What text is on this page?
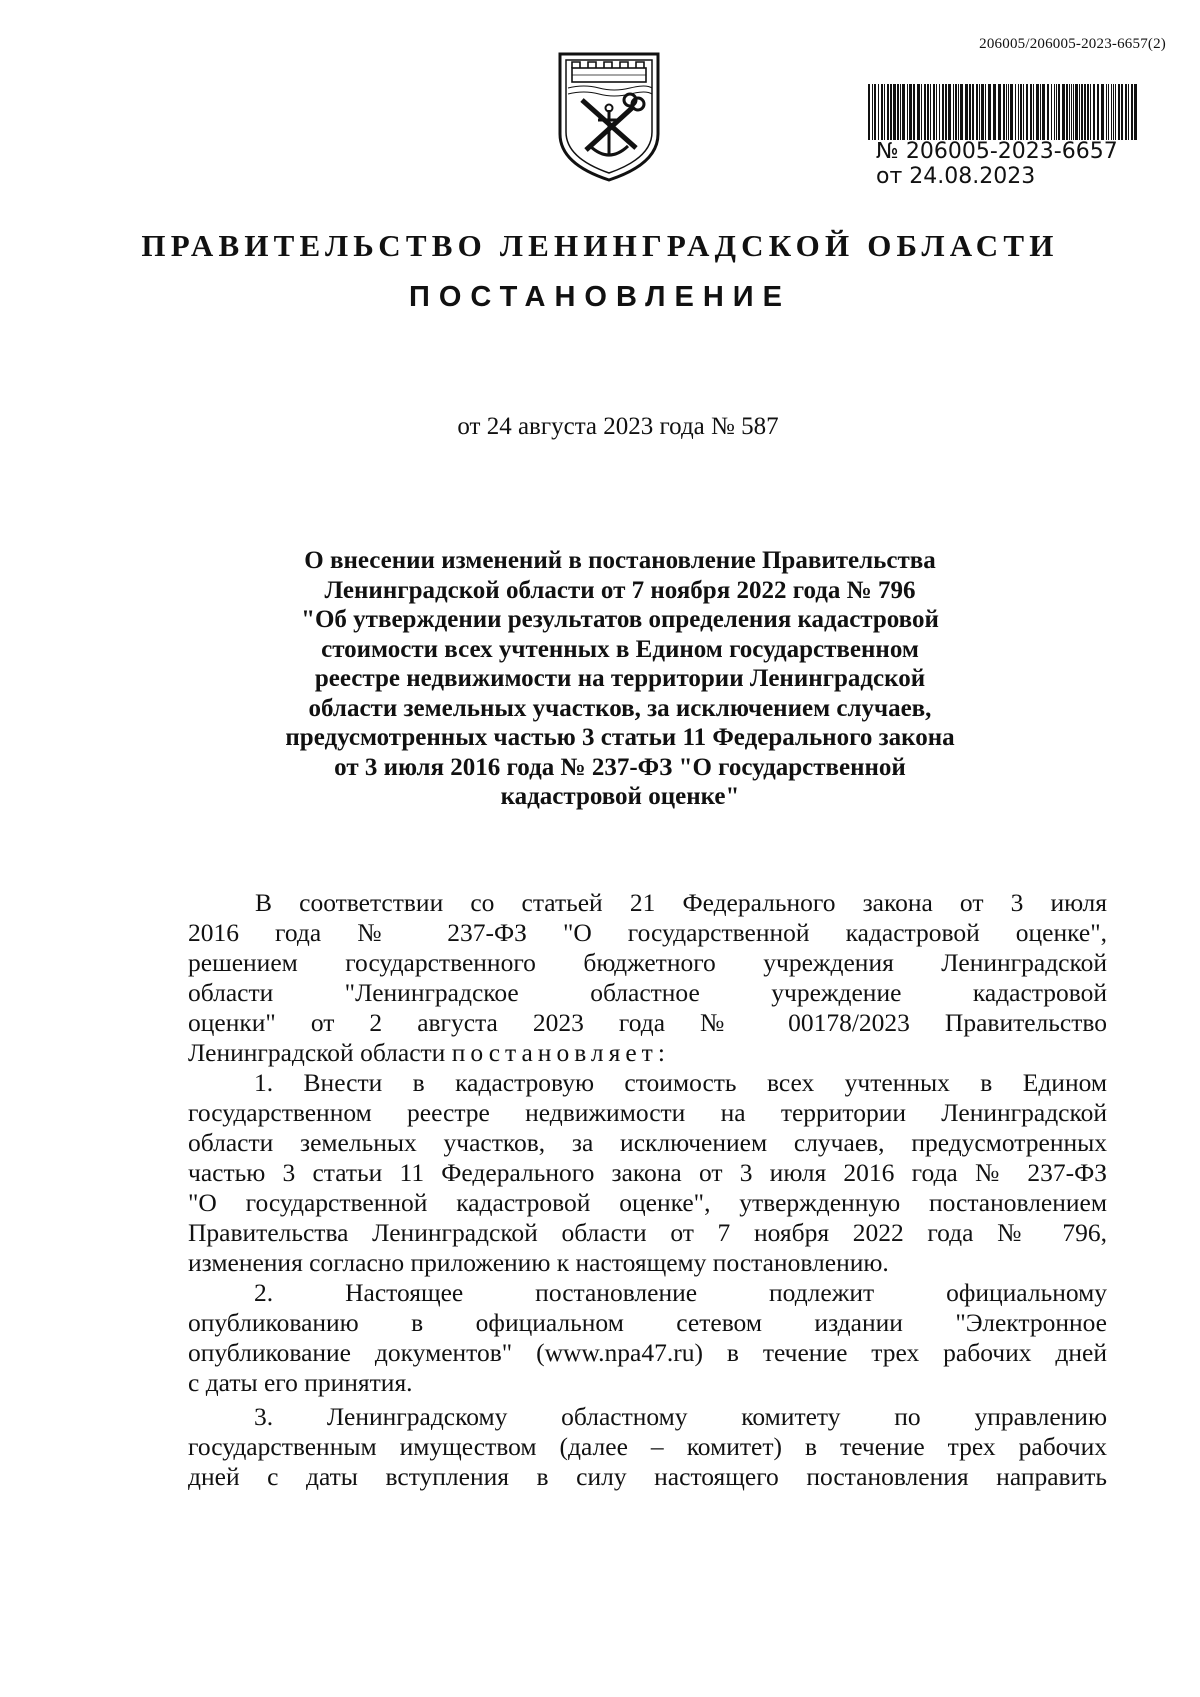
206005/206005-2023-6657(2)
№ 206005-2023-6657
от 24.08.2023
ПРАВИТЕЛЬСТВО ЛЕНИНГРАДСКОЙ ОБЛАСТИ
ПОСТАНОВЛЕНИЕ
от 24 августа 2023 года № 587
О внесении изменений в постановление Правительства
Ленинградской области от 7 ноября 2022 года № 796
"Об утверждении результатов определения кадастровой
стоимости всех учтенных в Едином государственном
реестре недвижимости на территории Ленинградской
области земельных участков, за исключением случаев,
предусмотренных частью 3 статьи 11 Федерального закона
от 3 июля 2016 года № 237-ФЗ "О государственной
кадастровой оценке"
В соответствии со статьей 21 Федерального закона от 3 июля
2016 года № 237-ФЗ "О государственной кадастровой оценке",
решением государственного бюджетного учреждения Ленинградской
области "Ленинградское областное учреждение кадастровой
оценки" от 2 августа 2023 года № 00178/2023 Правительство
Ленинградской области постановляет:
1. Внести в кадастровую стоимость всех учтенных в Едином
государственном реестре недвижимости на территории Ленинградской
области земельных участков, за исключением случаев, предусмотренных
частью 3 статьи 11 Федерального закона от 3 июля 2016 года № 237-ФЗ
"О государственной кадастровой оценке", утвержденную постановлением
Правительства Ленинградской области от 7 ноября 2022 года № 796,
изменения согласно приложению к настоящему постановлению.
2. Настоящее постановление подлежит официальному
опубликованию в официальном сетевом издании "Электронное
опубликование документов" (www.npa47.ru) в течение трех рабочих дней
с даты его принятия.
3. Ленинградскому областному комитету по управлению
государственным имуществом (далее – комитет) в течение трех рабочих
дней с даты вступления в силу настоящего постановления направить
